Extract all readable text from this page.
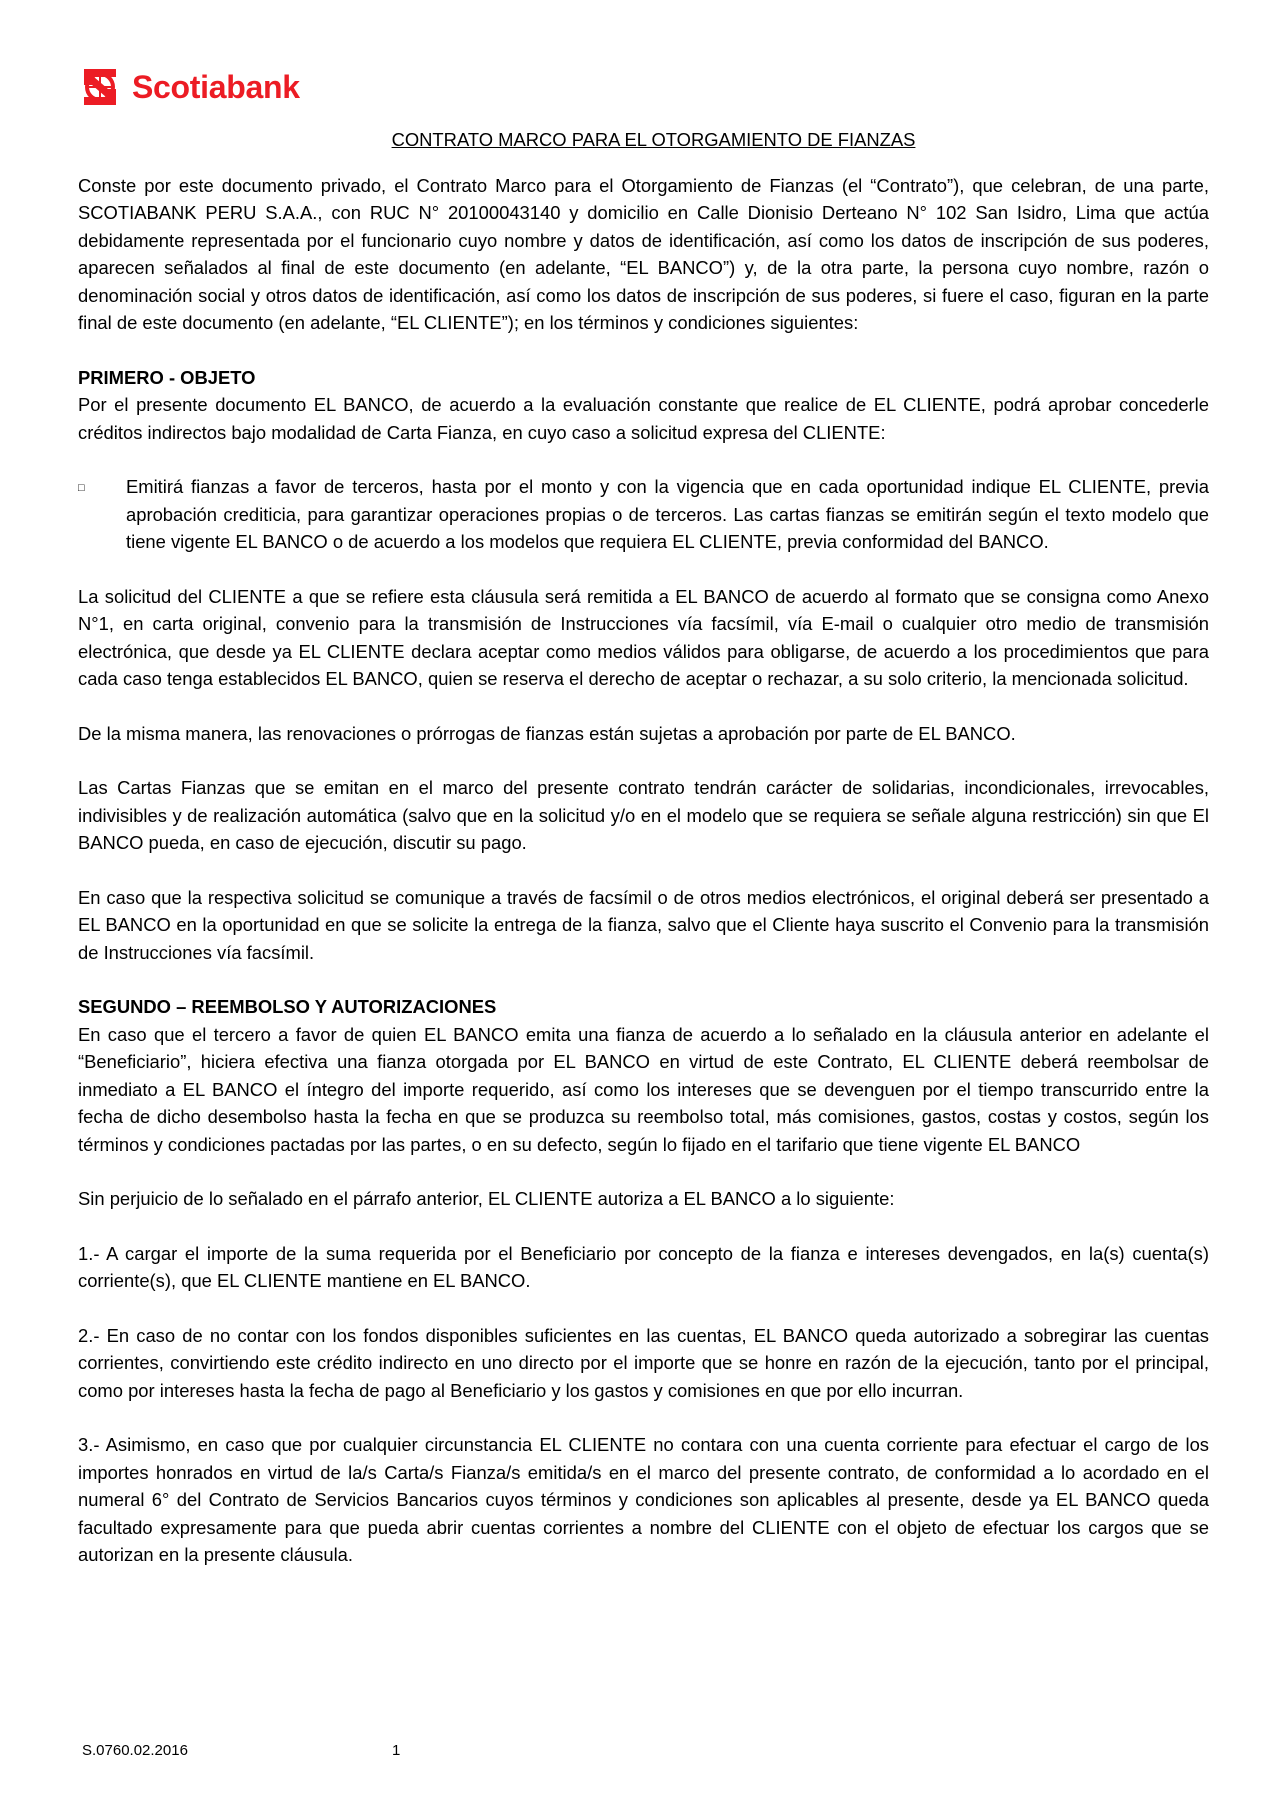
Scotiabank

CONTRATO MARCO PARA EL OTORGAMIENTO DE FIANZAS

Conste por este documento privado, el Contrato Marco para el Otorgamiento de Fianzas (el “Contrato”), que celebran, de una parte, SCOTIABANK PERU S.A.A., con RUC N° 20100043140 y domicilio en Calle Dionisio Derteano N° 102 San Isidro, Lima que actúa debidamente representada por el funcionario cuyo nombre y datos de identificación, así como los datos de inscripción de sus poderes, aparecen señalados al final de este documento (en adelante, “EL BANCO”) y, de la otra parte, la persona cuyo nombre, razón o denominación social y otros datos de identificación, así como los datos de inscripción de sus poderes, si fuere el caso, figuran en la parte final de este documento (en adelante, “EL CLIENTE”); en los términos y condiciones siguientes:

PRIMERO - OBJETO

Por el presente documento EL BANCO, de acuerdo a la evaluación constante que realice de EL CLIENTE, podrá aprobar concederle créditos indirectos bajo modalidad de Carta Fianza, en cuyo caso a solicitud expresa del CLIENTE:

□	Emitirá fianzas a favor de terceros, hasta por el monto y con la vigencia que en cada oportunidad indique EL CLIENTE, previa aprobación crediticia, para garantizar operaciones propias o de terceros. Las cartas fianzas se emitirán según el texto modelo que tiene vigente EL BANCO o de acuerdo a los modelos que requiera EL CLIENTE, previa conformidad del BANCO.

La solicitud del CLIENTE a que se refiere esta cláusula será remitida a EL BANCO de acuerdo al formato que se consigna como Anexo N°1, en carta original, convenio para la transmisión de Instrucciones vía facsímil, vía E-mail o cualquier otro medio de transmisión electrónica, que desde ya EL CLIENTE declara aceptar como medios válidos para obligarse, de acuerdo a los procedimientos que para cada caso tenga establecidos EL BANCO, quien se reserva el derecho de aceptar o rechazar, a su solo criterio, la mencionada solicitud.

De la misma manera, las renovaciones o prórrogas de fianzas están sujetas a aprobación por parte de EL BANCO.

Las Cartas Fianzas que se emitan en el marco del presente contrato tendrán carácter de solidarias, incondicionales, irrevocables, indivisibles y de realización automática (salvo que en la solicitud y/o en el modelo que se requiera se señale alguna restricción) sin que El BANCO pueda, en caso de ejecución, discutir su pago.

En caso que la respectiva solicitud se comunique a través de facsímil o de otros medios electrónicos, el original deberá ser presentado a EL BANCO en la oportunidad en que se solicite la entrega de la fianza, salvo que el Cliente haya suscrito el Convenio para la transmisión de Instrucciones vía facsímil.

SEGUNDO – REEMBOLSO Y AUTORIZACIONES

En caso que el tercero a favor de quien EL BANCO emita una fianza de acuerdo a lo señalado en la cláusula anterior en adelante el “Beneficiario”, hiciera efectiva una fianza otorgada por EL BANCO en virtud de este Contrato, EL CLIENTE deberá reembolsar de inmediato a EL BANCO el íntegro del importe requerido, así como los intereses que se devenguen por el tiempo transcurrido entre la fecha de dicho desembolso hasta la fecha en que se produzca su reembolso total, más comisiones, gastos, costas y costos, según los términos y condiciones pactadas por las partes, o en su defecto, según lo fijado en el tarifario que tiene vigente EL BANCO

Sin perjuicio de lo señalado en el párrafo anterior, EL CLIENTE autoriza a EL BANCO a lo siguiente:

1.- A cargar el importe de la suma requerida por el Beneficiario por concepto de la fianza e intereses devengados, en la(s) cuenta(s) corriente(s), que EL CLIENTE mantiene en EL BANCO.

2.- En caso de no contar con los fondos disponibles suficientes en las cuentas, EL BANCO queda autorizado a sobregirar las cuentas corrientes, convirtiendo este crédito indirecto en uno directo por el importe que se honre en razón de la ejecución, tanto por el principal, como por intereses hasta la fecha de pago al Beneficiario y los gastos y comisiones en que por ello incurran.

3.- Asimismo, en caso que por cualquier circunstancia EL CLIENTE no contara con una cuenta corriente para efectuar el cargo de los importes honrados en virtud de la/s Carta/s Fianza/s emitida/s en el marco del presente contrato, de conformidad a lo acordado en el numeral 6° del Contrato de Servicios Bancarios cuyos términos y condiciones son aplicables al presente, desde ya EL BANCO queda facultado expresamente para que pueda abrir cuentas corrientes a nombre del CLIENTE con el objeto de efectuar los cargos que se autorizan en la presente cláusula.

S.0760.02.2016	1
